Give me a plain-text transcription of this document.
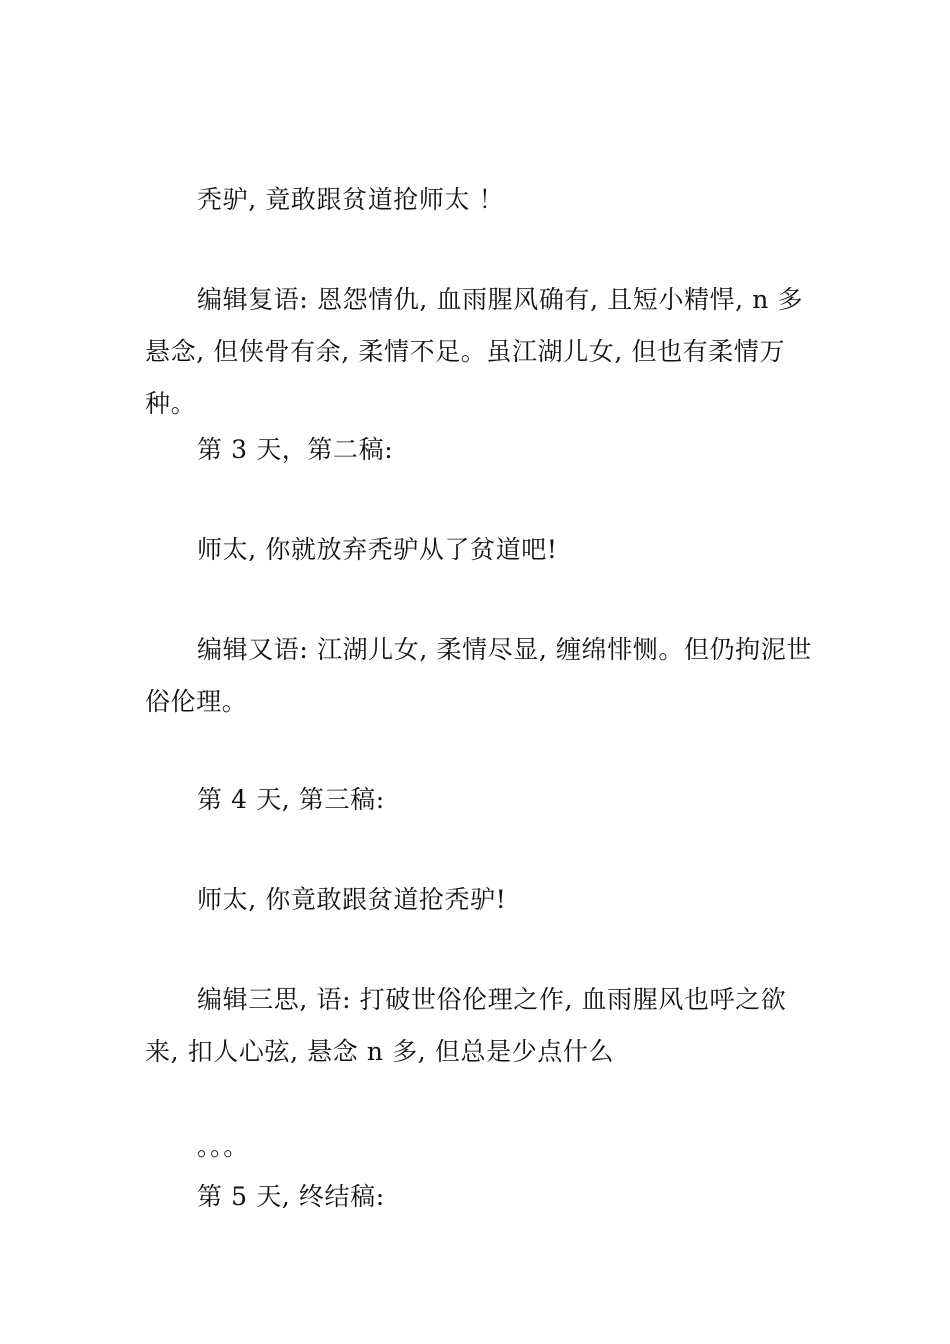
秃驴, 竟敢跟贫道抢师太 ！

编辑复语: 恩怨情仇, 血雨腥风确有, 且短小精悍, n 多悬念, 但侠骨有余, 柔情不足。虽江湖儿女, 但也有柔情万种。

第 3 天，第二稿:

师太, 你就放弃秃驴从了贫道吧!

编辑又语: 江湖儿女, 柔情尽显, 缠绵悱恻。但仍拘泥世俗伦理。

第 4 天, 第三稿:

师太, 你竟敢跟贫道抢秃驴!

编辑三思, 语: 打破世俗伦理之作, 血雨腥风也呼之欲来, 扣人心弦, 悬念 n 多, 但总是少点什么

。。。

第 5 天, 终结稿:
